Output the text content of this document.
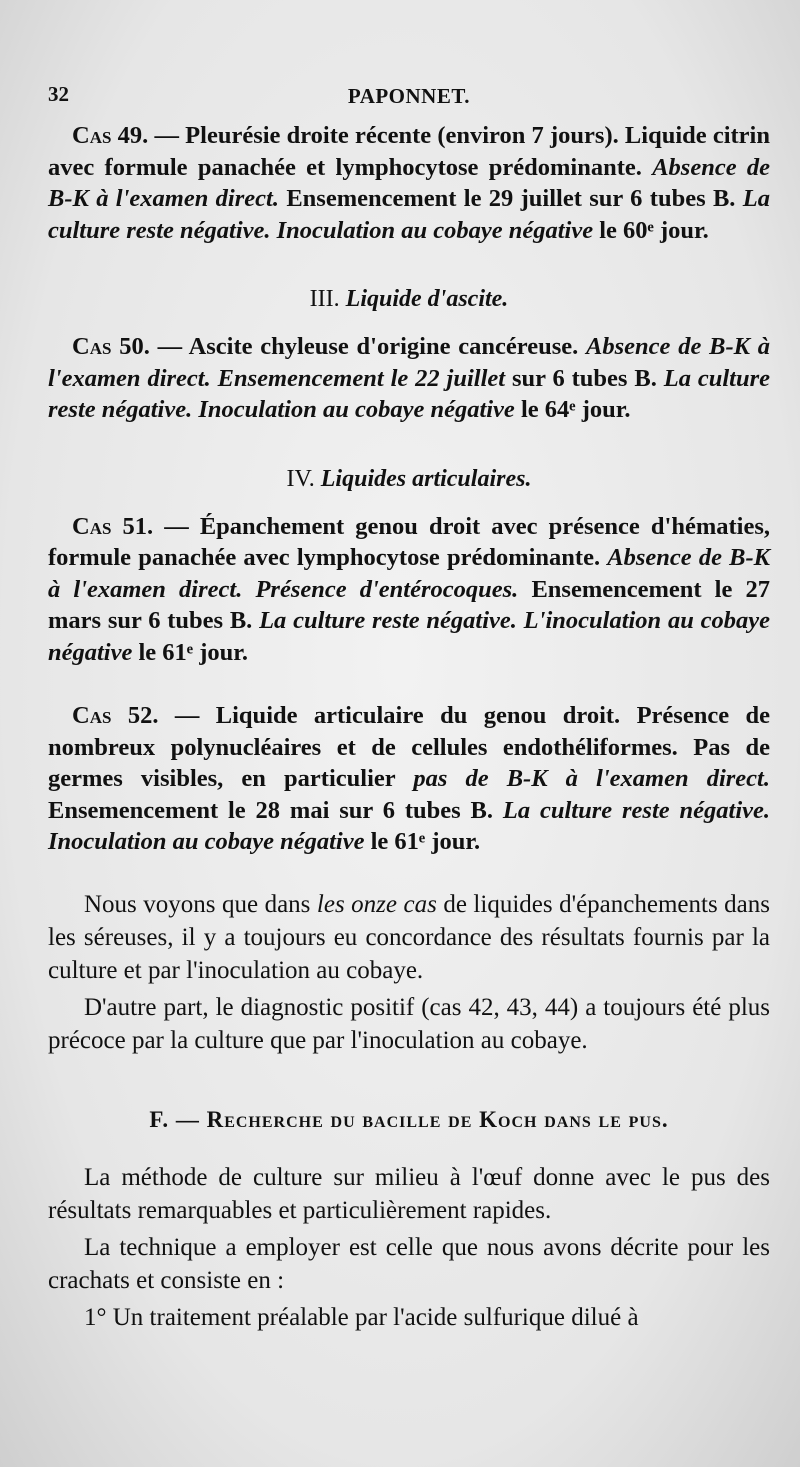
32	PAPONNET.

Cas 49. — Pleurésie droite récente (environ 7 jours). Liquide citrin avec formule panachée et lymphocytose prédominante. Absence de B-K à l'examen direct. Ensemencement le 29 juillet sur 6 tubes B. La culture reste négative. Inoculation au cobaye négative le 60ᵉ jour.

III. Liquide d'ascite.

Cas 50. — Ascite chyleuse d'origine cancéreuse. Absence de B-K à l'examen direct. Ensemencement le 22 juillet sur 6 tubes B. La culture reste négative. Inoculation au cobaye négative le 64ᵉ jour.

IV. Liquides articulaires.

Cas 51. — Épanchement genou droit avec présence d'hématies, formule panachée avec lymphocytose prédominante. Absence de B-K à l'examen direct. Présence d'entérocoques. Ensemencement le 27 mars sur 6 tubes B. La culture reste négative. L'inoculation au cobaye négative le 61ᵉ jour.

Cas 52. — Liquide articulaire du genou droit. Présence de nombreux polynucléaires et de cellules endothéliformes. Pas de germes visibles, en particulier pas de B-K à l'examen direct. Ensemencement le 28 mai sur 6 tubes B. La culture reste négative. Inoculation au cobaye négative le 61ᵉ jour.

Nous voyons que dans les onze cas de liquides d'épanchements dans les séreuses, il y a toujours eu concordance des résultats fournis par la culture et par l'inoculation au cobaye.

D'autre part, le diagnostic positif (cas 42, 43, 44) a toujours été plus précoce par la culture que par l'inoculation au cobaye.

F. — Recherche du bacille de Koch dans le pus.

La méthode de culture sur milieu à l'œuf donne avec le pus des résultats remarquables et particulièrement rapides.

La technique a employer est celle que nous avons décrite pour les crachats et consiste en :

1° Un traitement préalable par l'acide sulfurique dilué à
